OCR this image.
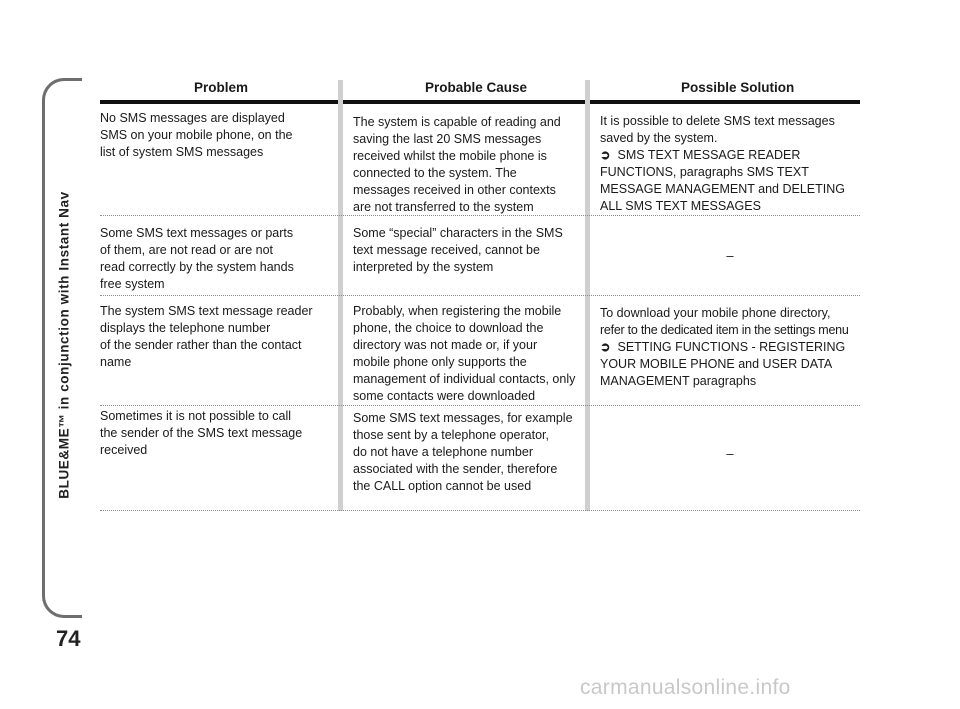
BLUE&ME™ in conjunction with Instant Nav
74
Problem	Probable Cause	Possible Solution

No SMS messages are displayed

SMS on your mobile phone, on the

list of system SMS messages

The system is capable of reading and

saving the last 20 SMS messages

received whilst the mobile phone is

connected to the system. The

messages received in other contexts

are not transferred to the system

It is possible to delete SMS text messages

saved by the system.

➲ SMS TEXT MESSAGE READER

FUNCTIONS, paragraphs SMS TEXT

MESSAGE MANAGEMENT and DELETING

ALL SMS TEXT MESSAGES

Some SMS text messages or parts

of them, are not read or are not

read correctly by the system hands

free system

Some “special” characters in the SMS

text message received, cannot be

interpreted by the system

–

The system SMS text message reader

displays the telephone number

of the sender rather than the contact

name

Probably, when registering the mobile

phone, the choice to download the

directory was not made or, if your

mobile phone only supports the

management of individual contacts, only

some contacts were downloaded

To download your mobile phone directory,

refer to the dedicated item in the settings menu

➲ SETTING FUNCTIONS - REGISTERING

YOUR MOBILE PHONE and USER DATA

MANAGEMENT paragraphs

Sometimes it is not possible to call

the sender of the SMS text message

received

Some SMS text messages, for example

those sent by a telephone operator,

do not have a telephone number

associated with the sender, therefore

the CALL option cannot be used

–
carmanualsonline.info
